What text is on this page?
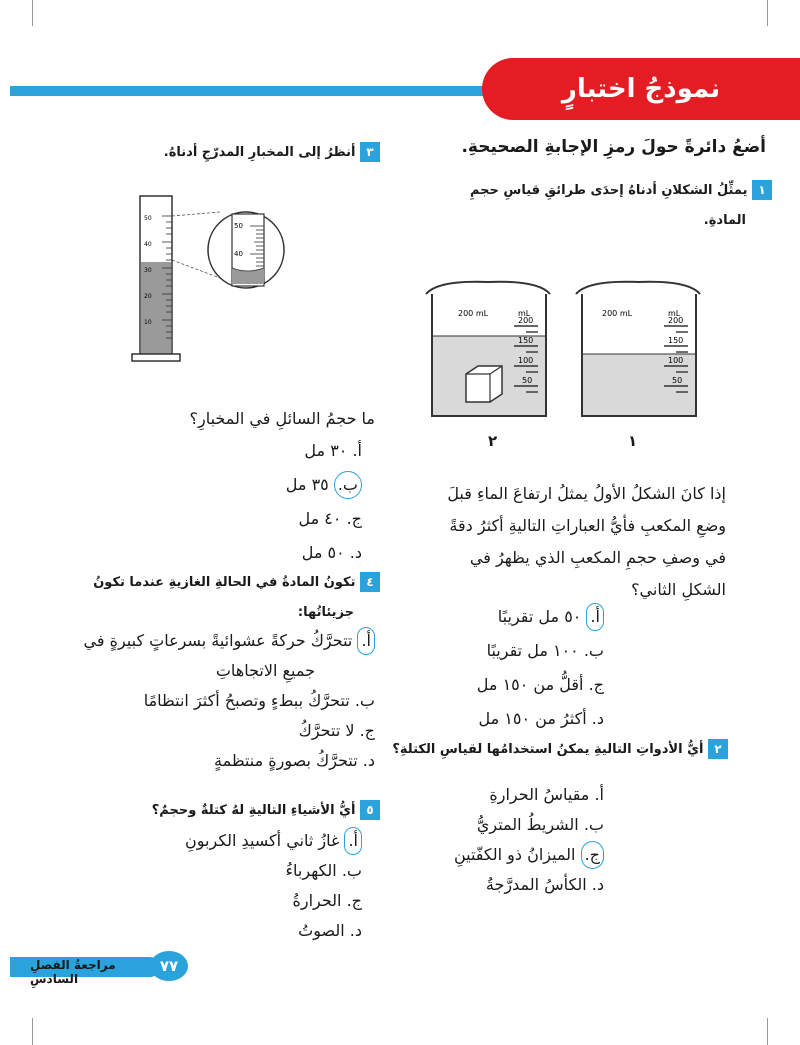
نموذجُ اختبارٍ
أضعُ دائرةً حولَ رمزِ الإجابةِ الصحيحةِ.
١ يمثِّلُ الشكلانِ أدناهُ إحدَى طرائقِ قياسِ حجمِ
المادةِ.
200 mL	mL
200
150
100
50
200 mL	mL
200
150
100
50
٢	١
إذا كانَ الشكلُ الأولُ يمثلُ ارتفاعَ الماءِ قبلَ
وضعِ المكعبِ فأيُّ العباراتِ التاليةِ أكثرُ دقةً
في وصفِ حجمِ المكعبِ الذي يظهرُ في
الشكلِ الثاني؟
أ. ٥٠ مل تقريبًا
ب. ١٠٠ مل تقريبًا
ج. أقلُّ من ١٥٠ مل
د. أكثرُ من ١٥٠ مل
٢ أيُّ الأدواتِ التاليةِ يمكنُ استخدامُها لقياسِ الكتلةِ؟
أ. مقياسُ الحرارةِ
ب. الشريطُ المتريُّ
ج. الميزانُ ذو الكفّتينِ
د. الكأسُ المدرَّجةُ
٣ أنظرُ إلى المخبارِ المدرّجِ أدناهُ.
50
40
30
20
10
50
40
ما حجمُ السائلِ في المخبارِ؟
أ. ٣٠ مل
ب. ٣٥ مل
ج. ٤٠ مل
د. ٥٠ مل
٤ تكونُ المادةُ في الحالةِ الغازيةِ عندما تكونُ
جزيئاتُها:
أ. تتحرَّكُ حركةً عشوائيةً بسرعاتٍ كبيرةٍ في
جميعِ الاتجاهاتِ
ب. تتحرَّكُ ببطءٍ وتصبحُ أكثرَ انتظامًا
ج. لا تتحرَّكُ
د. تتحرَّكُ بصورةٍ منتظمةٍ
٥ أيُّ الأشياءِ التاليةِ لهُ كتلةٌ وحجمٌ؟
أ. غازُ ثاني أكسيدِ الكربونِ
ب. الكهرباءُ
ج. الحرارةُ
د. الصوتُ
مراجعةُ الفصلِ السادسِ
٧٧
